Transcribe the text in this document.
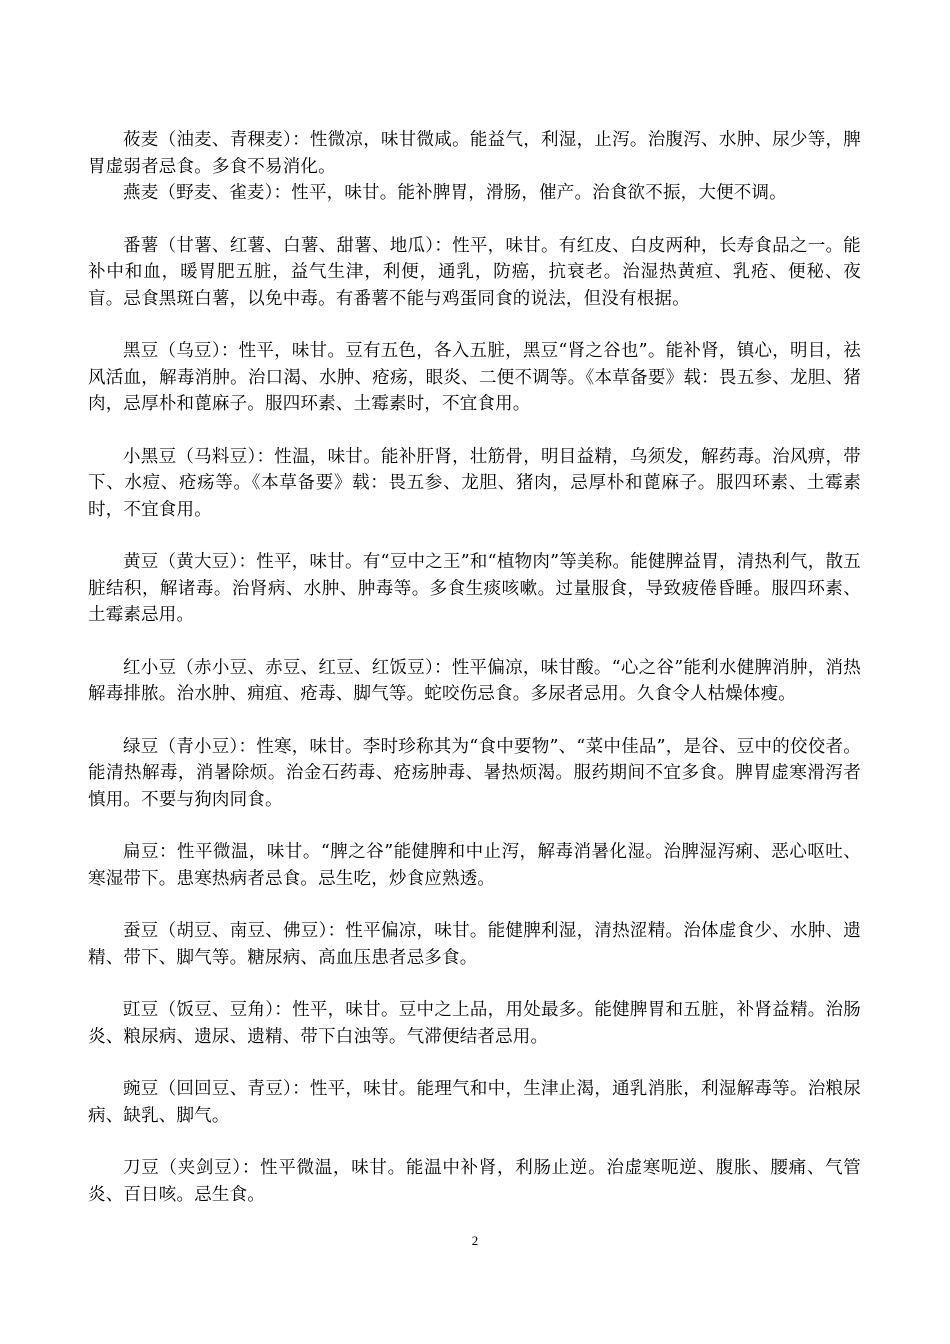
莜麦（油麦、青稞麦）：性微凉，味甘微咸。能益气，利湿，止泻。治腹泻、水肿、尿少等，脾胃虚弱者忌食。多食不易消化。

燕麦（野麦、雀麦）：性平，味甘。能补脾胃，滑肠，催产。治食欲不振，大便不调。

番薯（甘薯、红薯、白薯、甜薯、地瓜）：性平，味甘。有红皮、白皮两种，长寿食品之一。能补中和血，暖胃肥五脏，益气生津，利便，通乳，防癌，抗衰老。治湿热黄疸、乳疮、便秘、夜盲。忌食黑斑白薯，以免中毒。有番薯不能与鸡蛋同食的说法，但没有根据。

黑豆（乌豆）：性平，味甘。豆有五色，各入五脏，黑豆“肾之谷也”。能补肾，镇心，明目，祛风活血，解毒消肿。治口渴、水肿、疮疡，眼炎、二便不调等。《本草备要》载：畏五参、龙胆、猪肉，忌厚朴和蓖麻子。服四环素、土霉素时，不宜食用。

小黑豆（马料豆）：性温，味甘。能补肝肾，壮筋骨，明目益精，乌须发，解药毒。治风痹，带下、水痘、疮疡等。《本草备要》载：畏五参、龙胆、猪肉，忌厚朴和蓖麻子。服四环素、土霉素时，不宜食用。

黄豆（黄大豆）：性平，味甘。有“豆中之王”和“植物肉”等美称。能健脾益胃，清热利气，散五脏结积，解诸毒。治肾病、水肿、肿毒等。多食生痰咳嗽。过量服食，导致疲倦昏睡。服四环素、土霉素忌用。

红小豆（赤小豆、赤豆、红豆、红饭豆）：性平偏凉，味甘酸。“心之谷”能利水健脾消肿，消热解毒排脓。治水肿、痈疽、疮毒、脚气等。蛇咬伤忌食。多尿者忌用。久食令人枯燥体瘦。

绿豆（青小豆）：性寒，味甘。李时珍称其为“食中要物”、“菜中佳品”，是谷、豆中的佼佼者。能清热解毒，消暑除烦。治金石药毒、疮疡肿毒、暑热烦渴。服药期间不宜多食。脾胃虚寒滑泻者慎用。不要与狗肉同食。

扁豆：性平微温，味甘。“脾之谷”能健脾和中止泻，解毒消暑化湿。治脾湿泻痢、恶心呕吐、寒湿带下。患寒热病者忌食。忌生吃，炒食应熟透。

蚕豆（胡豆、南豆、佛豆）：性平偏凉，味甘。能健脾利湿，清热涩精。治体虚食少、水肿、遗精、带下、脚气等。糖尿病、高血压患者忌多食。

豇豆（饭豆、豆角）：性平，味甘。豆中之上品，用处最多。能健脾胃和五脏，补肾益精。治肠炎、粮尿病、遗尿、遗精、带下白浊等。气滞便结者忌用。

豌豆（回回豆、青豆）：性平，味甘。能理气和中，生津止渴，通乳消胀，利湿解毒等。治粮尿病、缺乳、脚气。

刀豆（夹剑豆）：性平微温，味甘。能温中补肾，利肠止逆。治虚寒呃逆、腹胀、腰痛、气管炎、百日咳。忌生食。

2
